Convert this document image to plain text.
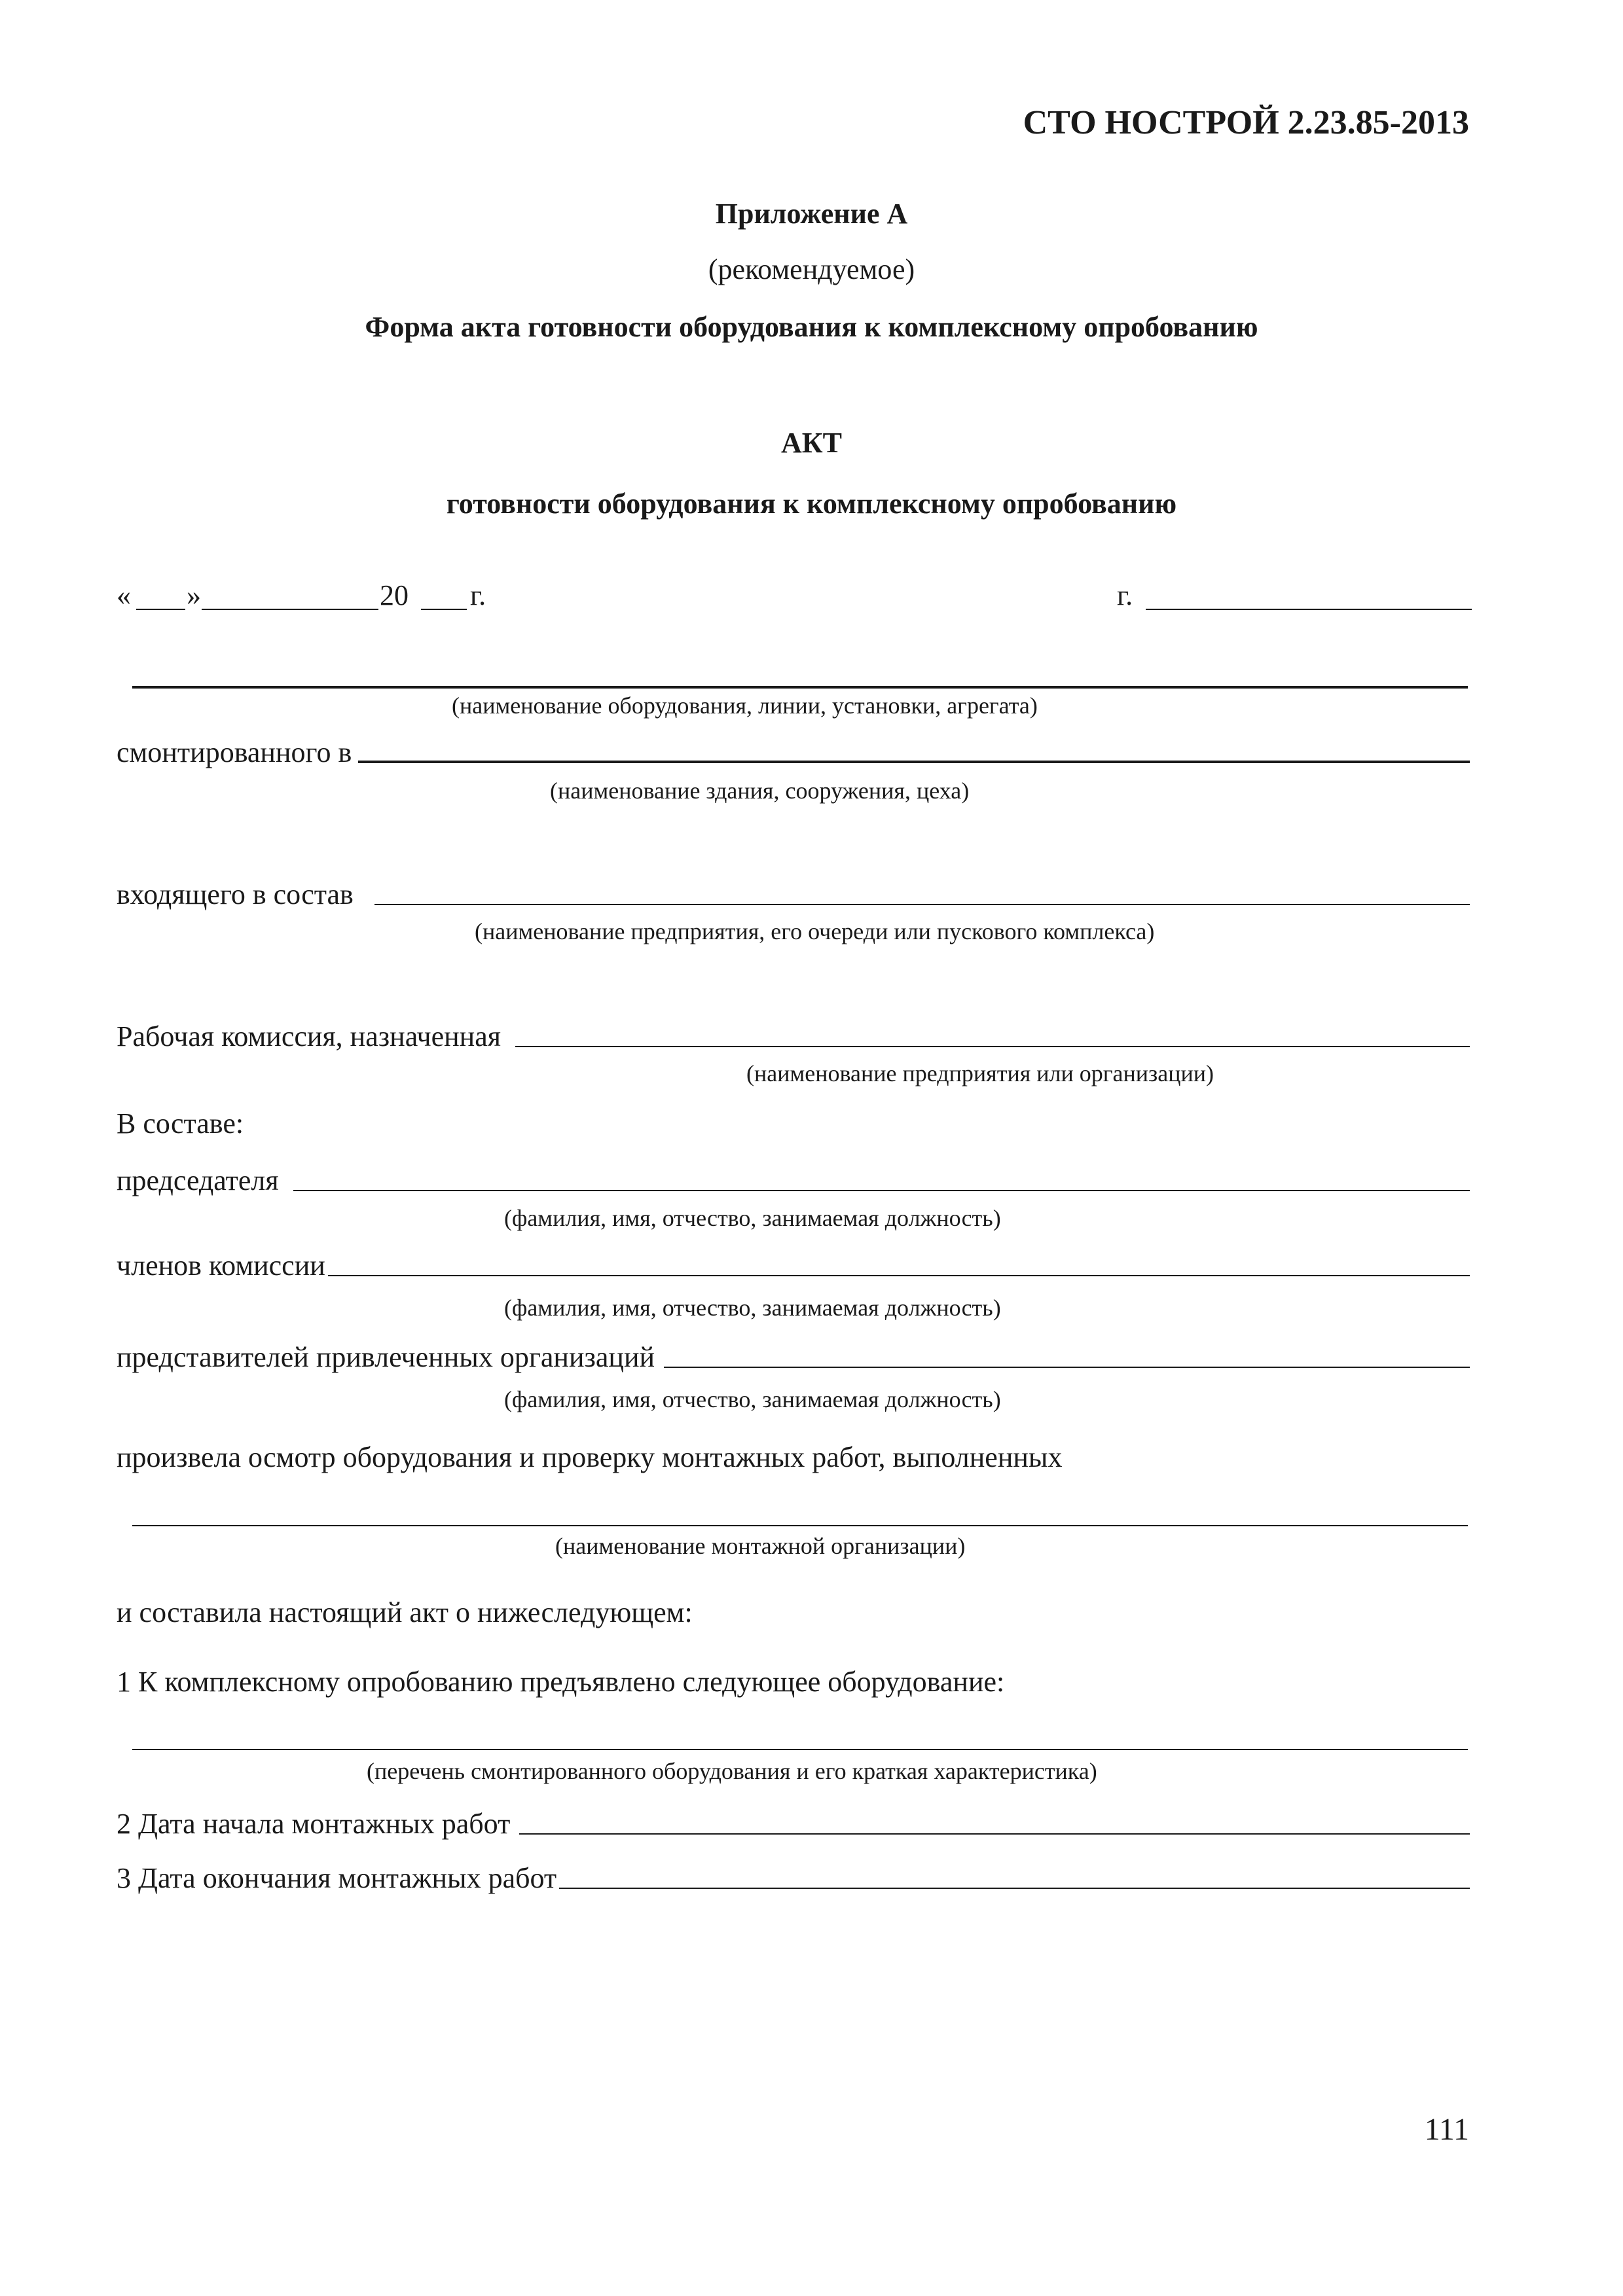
СТО НОСТРОЙ 2.23.85-2013
Приложение А
(рекомендуемое)
Форма акта готовности оборудования к комплексному опробованию
АКТ
готовности оборудования к комплексному опробованию
« »	20 г.	г.
(наименование оборудования, линии, установки, агрегата)
смонтированного в
(наименование здания, сооружения, цеха)
входящего в состав
(наименование предприятия, его очереди или пускового комплекса)
Рабочая комиссия, назначенная
(наименование предприятия или организации)
В составе:
председателя
(фамилия, имя, отчество, занимаемая должность)
членов комиссии
(фамилия, имя, отчество, занимаемая должность)
представителей привлеченных организаций
(фамилия, имя, отчество, занимаемая должность)
произвела осмотр оборудования и проверку монтажных работ, выполненных
(наименование монтажной организации)
и составила настоящий акт о нижеследующем:
1 К комплексному опробованию предъявлено следующее оборудование:
(перечень смонтированного оборудования и его краткая характеристика)
2 Дата начала монтажных работ
3 Дата окончания монтажных работ
111
